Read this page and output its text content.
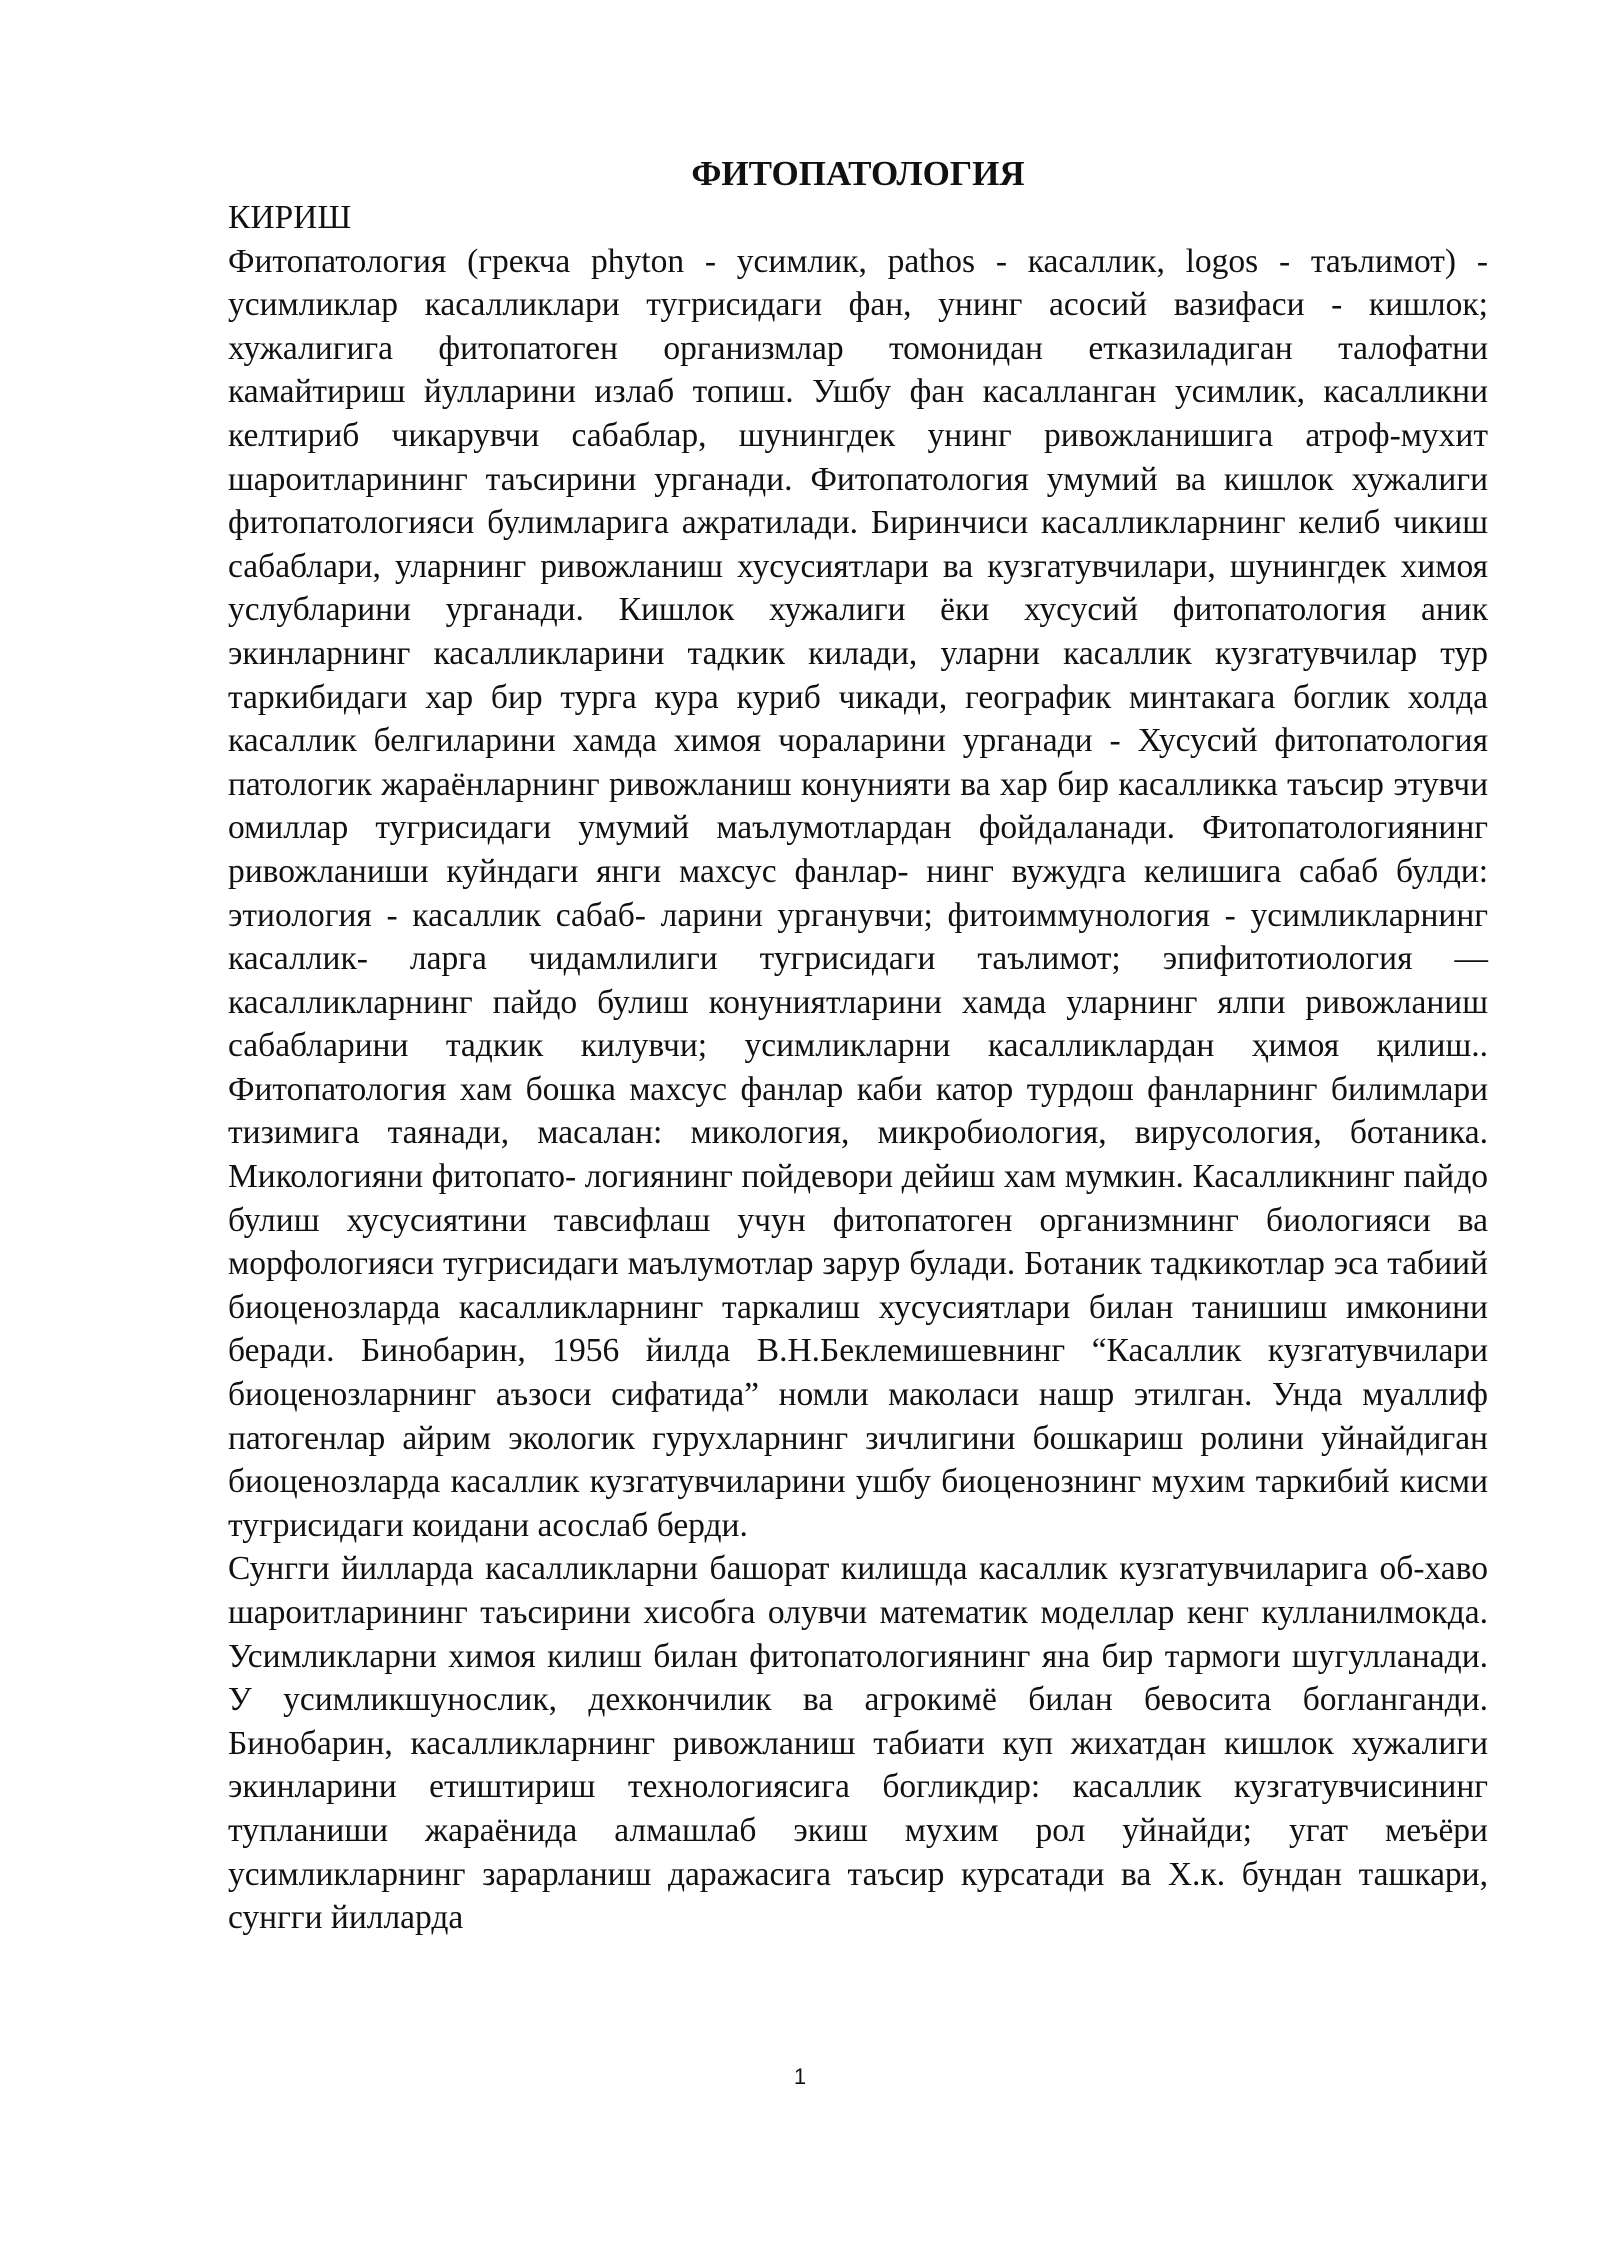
ФИТОПАТОЛОГИЯ

КИРИШ

Фитопатология (грекча phyton - усимлик, pathos - касаллик, logos - таълимот) - усимликлар касалликлари тугрисидаги фан, унинг асосий вазифаси - кишлок; хужалигига фитопатоген организмлар томонидан етказиладиган талофатни камайтириш йулларини излаб топиш. Ушбу фан касалланган усимлик, касалликни келтириб чикарувчи сабаблар, шунингдек унинг ривожланишига атроф-мухит шароитларининг таъсирини урганади. Фитопатология умумий ва кишлок хужалиги фитопатологияси булимларига ажратилади. Биринчиси касалликларнинг келиб чикиш сабаблари, уларнинг ривожланиш хусусиятлари ва кузгатувчилари, шунингдек химоя услубларини урганади. Кишлок хужалиги ёки хусусий фитопатология аник экинларнинг касалликларини тадкик килади, уларни касаллик кузгатувчилар тур таркибидаги хар бир турга кура куриб чикади, географик минтакага боглик холда касаллик белгиларини хамда химоя чораларини урганади - Хусусий фитопатология патологик жараёнларнинг ривожланиш конунияти ва хар бир касалликка таъсир этувчи омиллар тугрисидаги умумий маълумотлардан фойдаланади. Фитопатологиянинг ривожланиши куйндаги янги махсус фанлар- нинг вужудга келишига сабаб булди: этиология - касаллик сабаб- ларини урганувчи; фитоиммунология - усимликларнинг касаллик- ларга чидамлилиги тугрисидаги таълимот; эпифитотиология — касалликларнинг пайдо булиш конуниятларини хамда уларнинг ялпи ривожланиш сабабларини тадкик килувчи; усимликларни касалликлардан ҳимоя қилиш.. Фитопатология хам бошка махсус фанлар каби катор турдош фанларнинг билимлари тизимига таянади, масалан: микология, микробиология, вирусология, ботаника. Микологияни фитопато- логиянинг пойдевори дейиш хам мумкин. Касалликнинг пайдо булиш хусусиятини тавсифлаш учун фитопатоген организмнинг биологияси ва морфологияси тугрисидаги маълумотлар зарур булади. Ботаник тадкикотлар эса табиий биоценозларда касалликларнинг таркалиш хусусиятлари билан танишиш имконини беради. Бинобарин, 1956 йилда В.Н.Беклемишевнинг “Касаллик кузгатувчилари биоценозларнинг аъзоси сифатида” номли маколаси нашр этилган. Унда муаллиф патогенлар айрим экологик гурухларнинг зичлигини бошкариш ролини уйнайдиган биоценозларда касаллик кузгатувчиларини ушбу биоценознинг мухим таркибий кисми тугрисидаги коидани асослаб берди.

Сунгги йилларда касалликларни башорат килишда касаллик кузгатувчиларига об-хаво шароитларининг таъсирини хисобга олувчи математик моделлар кенг кулланилмокда. Усимликларни химоя килиш билан фитопатологиянинг яна бир тармоги шугулланади. У усимликшунослик, дехкончилик ва агрокимё билан бевосита богланганди. Бинобарин, касалликларнинг ривожланиш табиати куп жихатдан кишлок хужалиги экинларини етиштириш технологиясига богликдир: касаллик кузгатувчисининг тупланиши жараёнида алмашлаб экиш мухим рол уйнайди; угат меъёри усимликларнинг зарарланиш даражасига таъсир курсатади ва Х.к. бундан ташкари, сунгги йилларда

1
